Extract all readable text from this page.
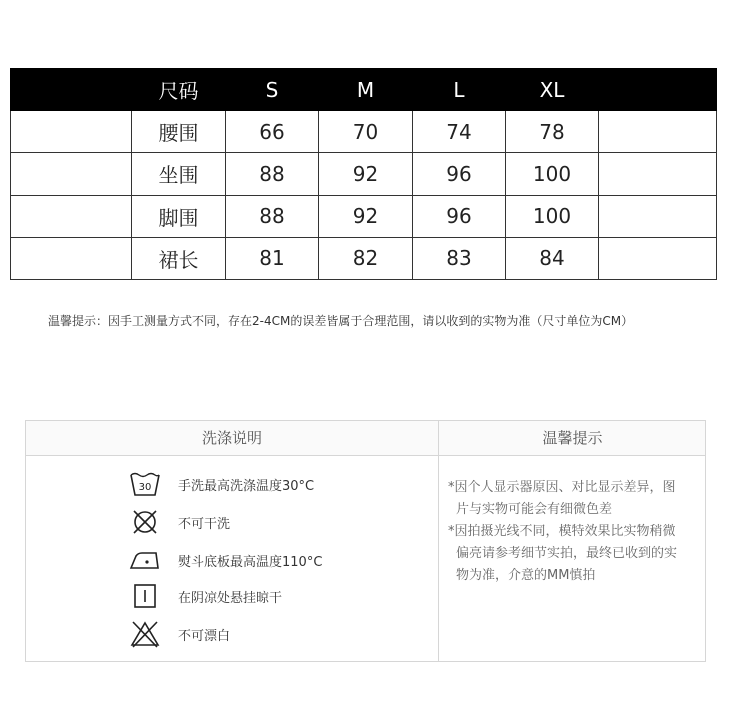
	尺码	S	M	L	XL	
	腰围	66	70	74	78	
	坐围	88	92	96	100	
	脚围	88	92	96	100	
	裙长	81	82	83	84	
温馨提示：因手工测量方式不同，存在2-4CM的误差皆属于合理范围，请以收到的实物为准（尺寸单位为CM）
洗涤说明	温馨提示
30 手洗最高洗涤温度30°C
不可干洗
熨斗底板最高温度110°C
在阴凉处悬挂晾干
不可漂白
*因个人显示器原因、对比显示差异，图
片与实物可能会有细微色差
*因拍摄光线不同，模特效果比实物稍微
偏亮请参考细节实拍，最终已收到的实
物为准，介意的MM慎拍
